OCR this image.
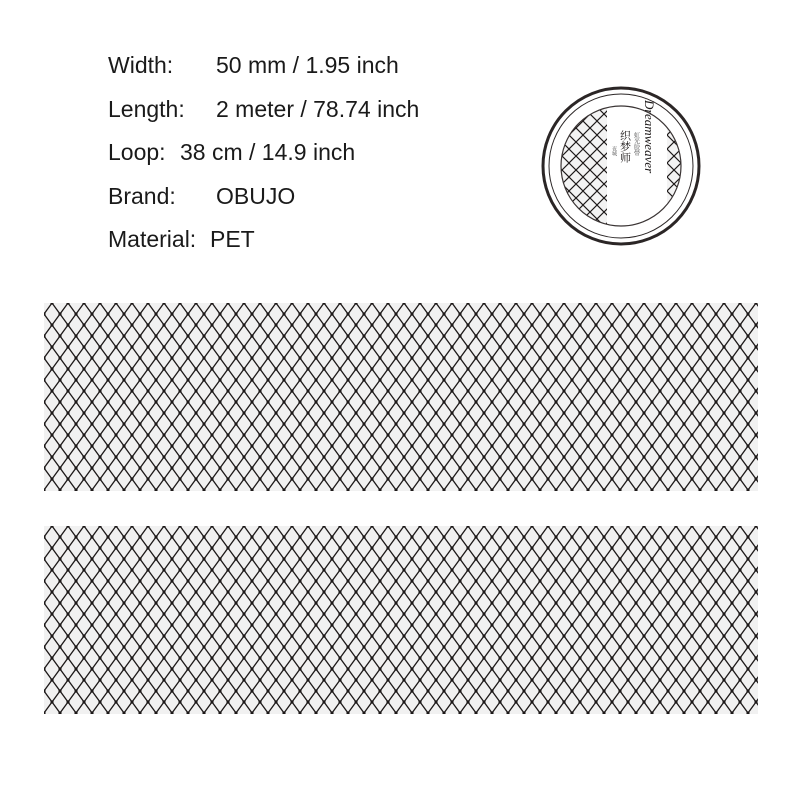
Width: 50 mm / 1.95 inch
Length: 2 meter / 78.74 inch
Loop: 38 cm / 14.9 inch
Brand: OBUJO
Material: PET
Dreamweaver
织梦师 虹光胶带
夜城
